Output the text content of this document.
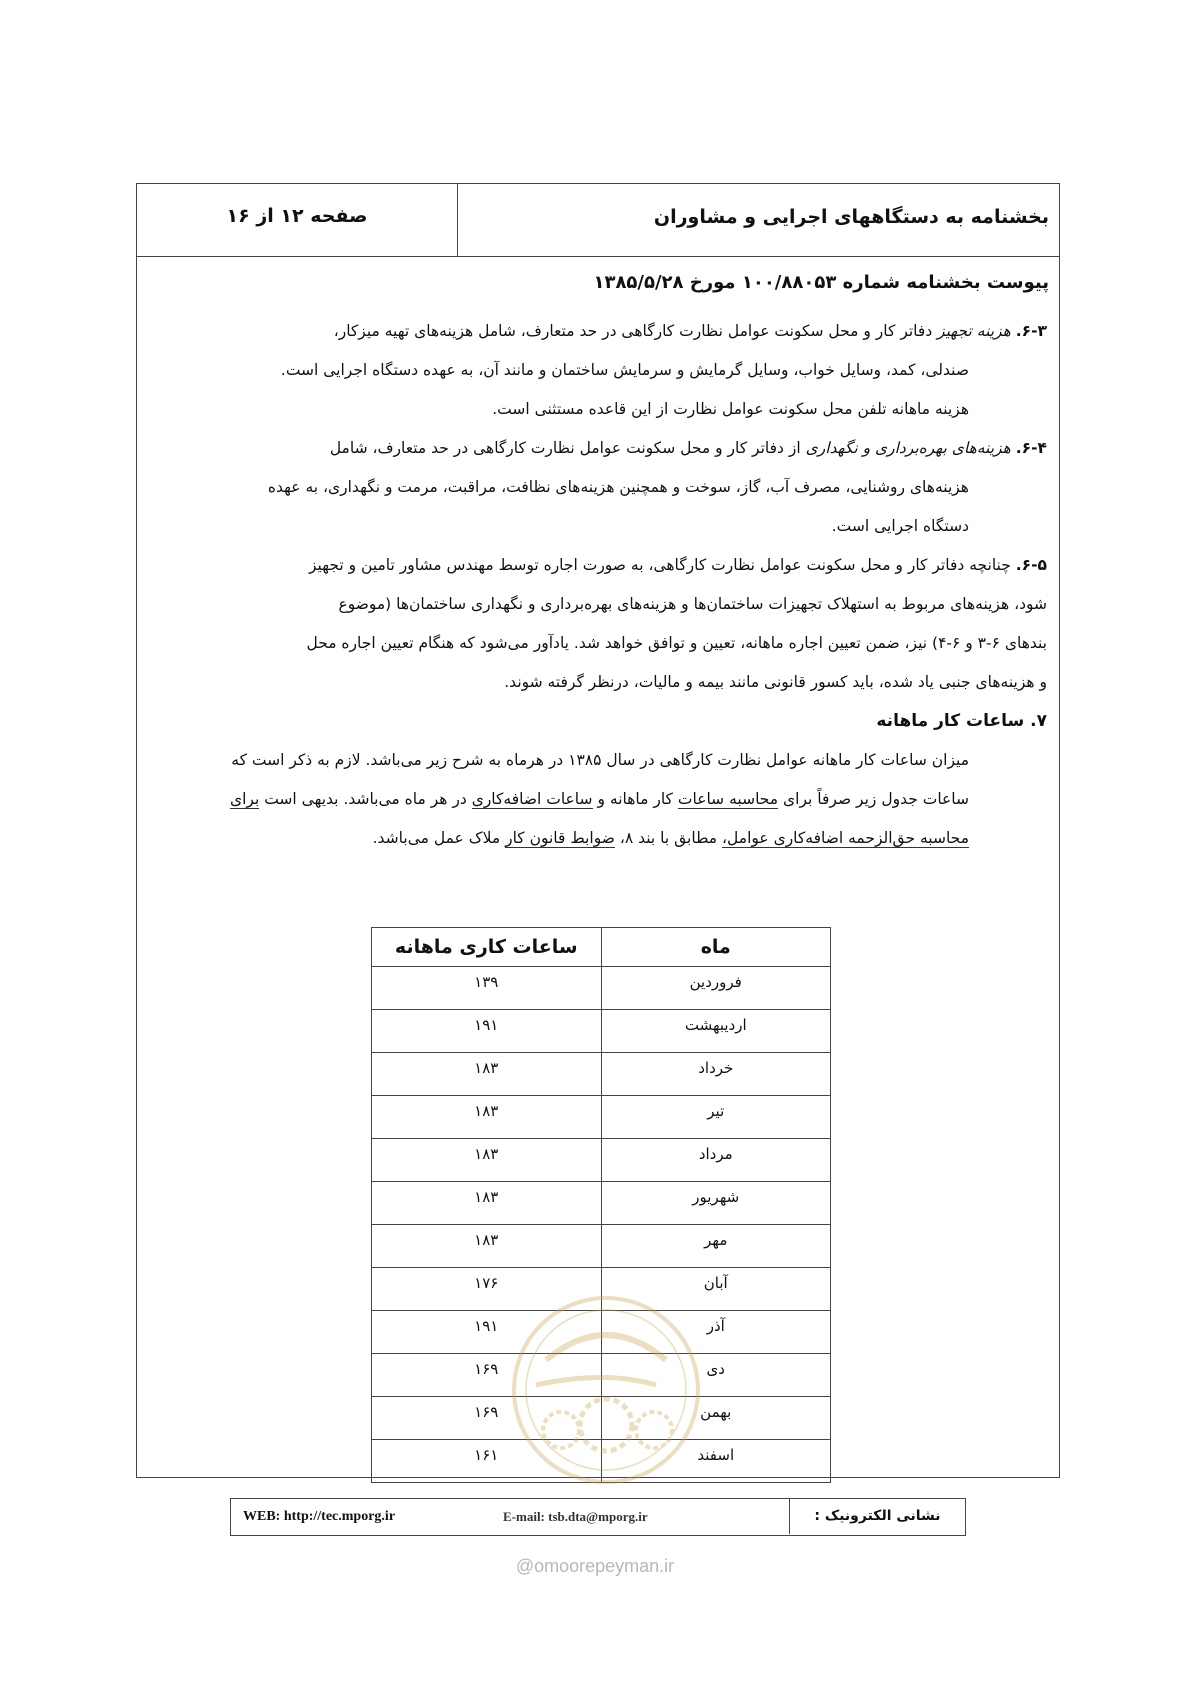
بخشنامه به دستگاههای اجرایی و مشاوران
صفحه ۱۲ از ۱۶
پیوست بخشنامه شماره ۱۰۰/۸۸۰۵۳ مورخ ۱۳۸۵/۵/۲۸
۶-۳. هزینه تجهیز دفاتر کار و محل سکونت عوامل نظارت کارگاهی در حد متعارف، شامل هزینه‌های تهیه میزکار،
صندلی، کمد، وسایل خواب، وسایل گرمایش و سرمایش ساختمان و مانند آن، به عهده دستگاه اجرایی است.
هزینه ماهانه تلفن محل سکونت عوامل نظارت از این قاعده مستثنی است.
۶-۴. هزینه‌های بهره‌برداری و نگهداری از دفاتر کار و محل سکونت عوامل نظارت کارگاهی در حد متعارف، شامل
هزینه‌های روشنایی، مصرف آب، گاز، سوخت و همچنین هزینه‌های نظافت، مراقبت، مرمت و نگهداری، به عهده
دستگاه اجرایی است.
۶-۵. چنانچه دفاتر کار و محل سکونت عوامل نظارت کارگاهی، به صورت اجاره توسط مهندس مشاور تامین و تجهیز
شود، هزینه‌های مربوط به استهلاک تجهیزات ساختمان‌ها و هزینه‌های بهره‌برداری و نگهداری ساختمان‌ها (موضوع
بندهای ۶-۳ و ۶-۴) نیز، ضمن تعیین اجاره ماهانه، تعیین و توافق خواهد شد. یادآور می‌شود که هنگام تعیین اجاره محل
و هزینه‌های جنبی یاد شده، باید کسور قانونی مانند بیمه و مالیات، درنظر گرفته شوند.
۷. ساعات کار ماهانه
میزان ساعات کار ماهانه عوامل نظارت کارگاهی در سال ۱۳۸۵ در هرماه به شرح زیر می‌باشد. لازم به ذکر است که
ساعات جدول زیر صرفاً برای محاسبه ساعات کار ماهانه و ساعات اضافه‌کاری در هر ماه می‌باشد. بدیهی است برای
محاسبه حق‌الزحمه اضافه‌کاری عوامل، مطابق با بند ۸، ضوابط قانون کار ملاک عمل می‌باشد.
ماه	ساعات کاری ماهانه
فروردین	۱۳۹
اردیبهشت	۱۹۱
خرداد	۱۸۳
تیر	۱۸۳
مرداد	۱۸۳
شهریور	۱۸۳
مهر	۱۸۳
آبان	۱۷۶
آذر	۱۹۱
دی	۱۶۹
بهمن	۱۶۹
اسفند	۱۶۱
نشانی الکترونیک :
E-mail: tsb.dta@mporg.ir
WEB: http://tec.mporg.ir
@omoorepeyman.ir
